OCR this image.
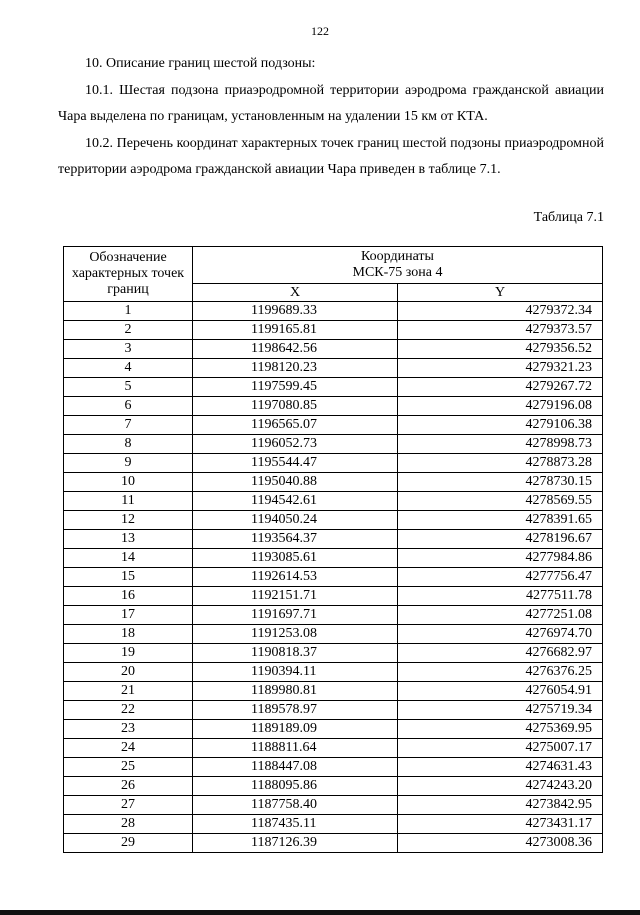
122
10. Описание границ шестой подзоны:
10.1. Шестая подзона приаэродромной территории аэродрома гражданской авиации Чара выделена по границам, установленным на удалении 15 км от КТА.
10.2. Перечень координат характерных точек границ шестой подзоны приаэродромной территории аэродрома гражданской авиации Чара приведен в таблице 7.1.
Таблица 7.1
Обозначение характерных точек границ	Координаты
МСК-75 зона 4	

	X	Y
1	1199689.33	4279372.34
2	1199165.81	4279373.57
3	1198642.56	4279356.52
4	1198120.23	4279321.23
5	1197599.45	4279267.72
6	1197080.85	4279196.08
7	1196565.07	4279106.38
8	1196052.73	4278998.73
9	1195544.47	4278873.28
10	1195040.88	4278730.15
11	1194542.61	4278569.55
12	1194050.24	4278391.65
13	1193564.37	4278196.67
14	1193085.61	4277984.86
15	1192614.53	4277756.47
16	1192151.71	4277511.78
17	1191697.71	4277251.08
18	1191253.08	4276974.70
19	1190818.37	4276682.97
20	1190394.11	4276376.25
21	1189980.81	4276054.91
22	1189578.97	4275719.34
23	1189189.09	4275369.95
24	1188811.64	4275007.17
25	1188447.08	4274631.43
26	1188095.86	4274243.20
27	1187758.40	4273842.95
28	1187435.11	4273431.17
29	1187126.39	4273008.36
